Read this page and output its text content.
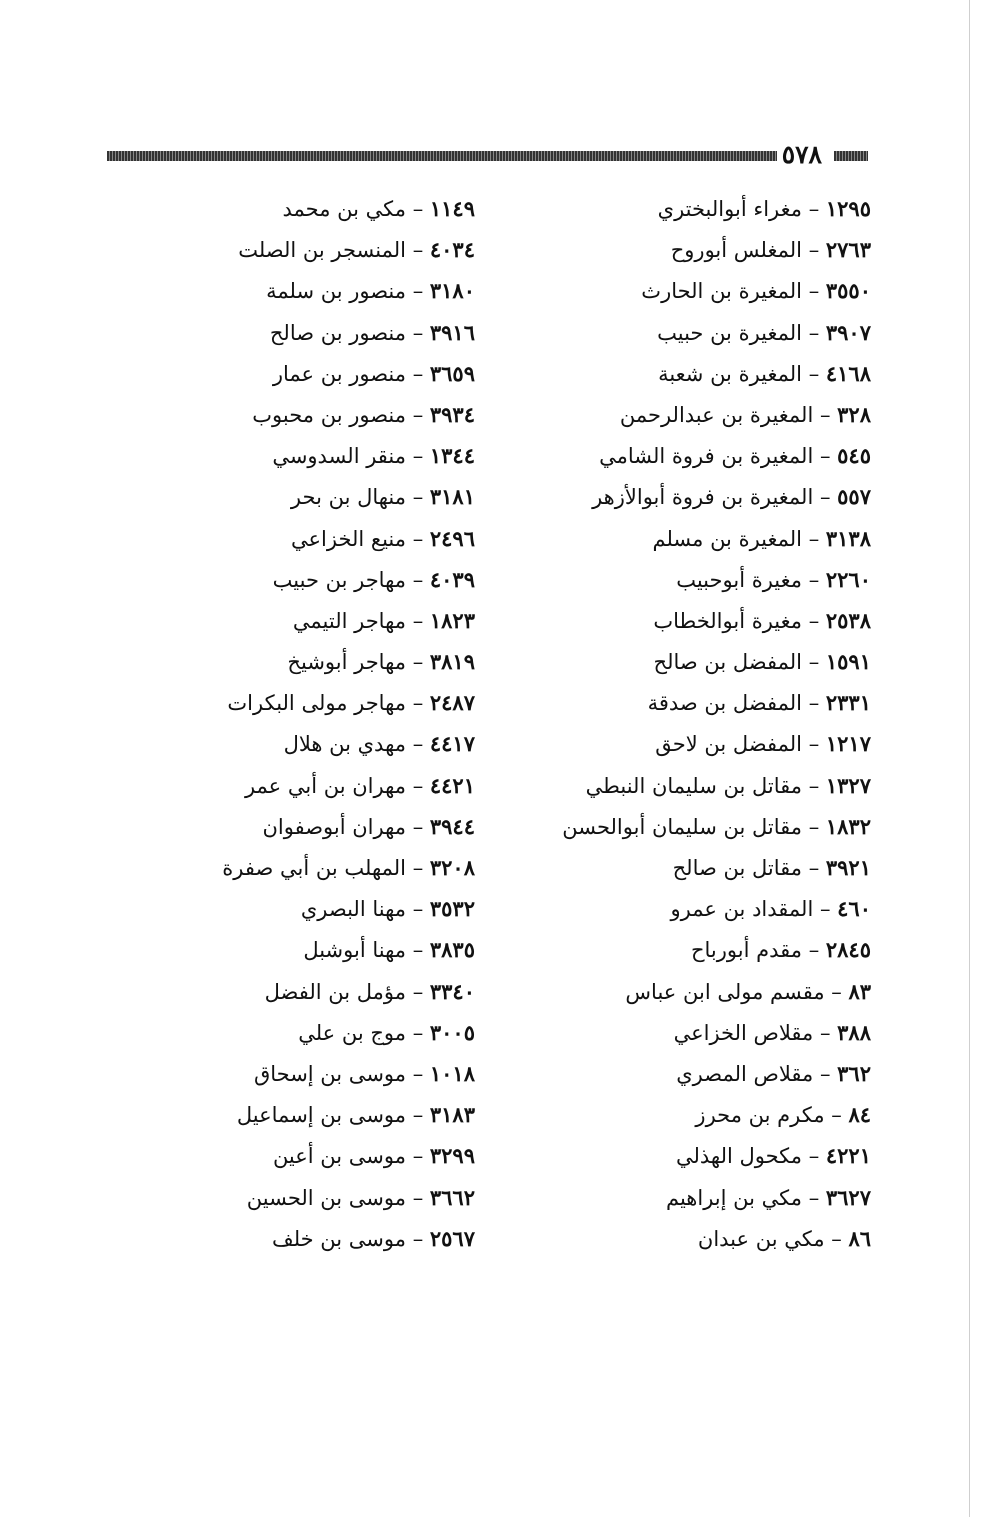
٥٧٨
١٢٩٥ – مغراء أبوالبختري
٢٧٦٣ – المغلس أبوروح
٣٥٥٠ – المغيرة بن الحارث
٣٩٠٧ – المغيرة بن حبيب
٤١٦٨ – المغيرة بن شعبة
٣٢٨ – المغيرة بن عبدالرحمن
٥٤٥ – المغيرة بن فروة الشامي
٥٥٧ – المغيرة بن فروة أبوالأزهر
٣١٣٨ – المغيرة بن مسلم
٢٢٦٠ – مغيرة أبوحبيب
٢٥٣٨ – مغيرة أبوالخطاب
١٥٩١ – المفضل بن صالح
٢٣٣١ – المفضل بن صدقة
١٢١٧ – المفضل بن لاحق
١٣٢٧ – مقاتل بن سليمان النبطي
١٨٣٢ – مقاتل بن سليمان أبوالحسن
٣٩٢١ – مقاتل بن صالح
٤٦٠ – المقداد بن عمرو
٢٨٤٥ – مقدم أبورباح
٨٣ – مقسم مولى ابن عباس
٣٨٨ – مقلاص الخزاعي
٣٦٢ – مقلاص المصري
٨٤ – مكرم بن محرز
٤٢٢١ – مكحول الهذلي
٣٦٢٧ – مكي بن إبراهيم
٨٦ – مكي بن عبدان
١١٤٩ – مكي بن محمد
٤٠٣٤ – المنسجر بن الصلت
٣١٨٠ – منصور بن سلمة
٣٩١٦ – منصور بن صالح
٣٦٥٩ – منصور بن عمار
٣٩٣٤ – منصور بن محبوب
١٣٤٤ – منقر السدوسي
٣١٨١ – منهال بن بحر
٢٤٩٦ – منيع الخزاعي
٤٠٣٩ – مهاجر بن حبيب
١٨٢٣ – مهاجر التيمي
٣٨١٩ – مهاجر أبوشيخ
٢٤٨٧ – مهاجر مولى البكرات
٤٤١٧ – مهدي بن هلال
٤٤٢١ – مهران بن أبي عمر
٣٩٤٤ – مهران أبوصفوان
٣٢٠٨ – المهلب بن أبي صفرة
٣٥٣٢ – مهنا البصري
٣٨٣٥ – مهنا أبوشبل
٣٣٤٠ – مؤمل بن الفضل
٣٠٠٥ – موج بن علي
١٠١٨ – موسى بن إسحاق
٣١٨٣ – موسى بن إسماعيل
٣٢٩٩ – موسى بن أعين
٣٦٦٢ – موسى بن الحسين
٢٥٦٧ – موسى بن خلف
